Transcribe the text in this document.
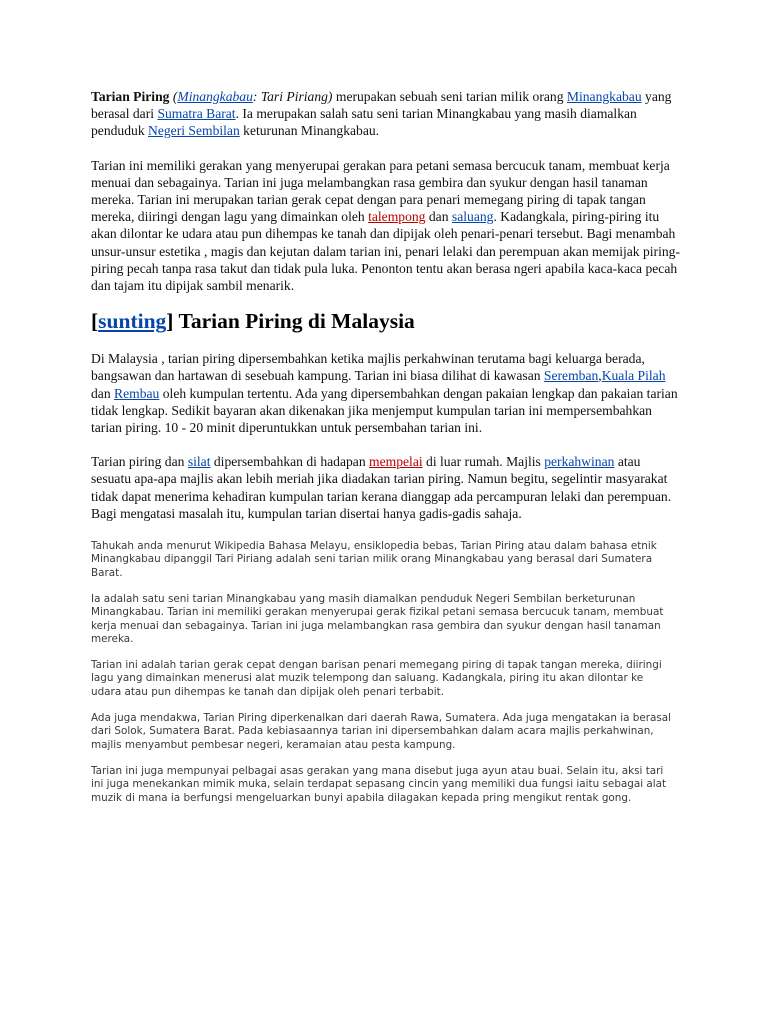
Tarian Piring (Minangkabau: Tari Piriang) merupakan sebuah seni tarian milik orang Minangkabau yang berasal dari Sumatra Barat. Ia merupakan salah satu seni tarian Minangkabau yang masih diamalkan penduduk Negeri Sembilan keturunan Minangkabau.

Tarian ini memiliki gerakan yang menyerupai gerakan para petani semasa bercucuk tanam, membuat kerja menuai dan sebagainya. Tarian ini juga melambangkan rasa gembira dan syukur dengan hasil tanaman mereka. Tarian ini merupakan tarian gerak cepat dengan para penari memegang piring di tapak tangan mereka, diiringi dengan lagu yang dimainkan oleh talempong dan saluang. Kadangkala, piring-piring itu akan dilontar ke udara atau pun dihempas ke tanah dan dipijak oleh penari-penari tersebut. Bagi menambah unsur-unsur estetika , magis dan kejutan dalam tarian ini, penari lelaki dan perempuan akan memijak piring-piring pecah tanpa rasa takut dan tidak pula luka. Penonton tentu akan berasa ngeri apabila kaca-kaca pecah dan tajam itu dipijak sambil menarik.

[sunting] Tarian Piring di Malaysia

Di Malaysia , tarian piring dipersembahkan ketika majlis perkahwinan terutama bagi keluarga berada, bangsawan dan hartawan di sesebuah kampung. Tarian ini biasa dilihat di kawasan Seremban,Kuala Pilah dan Rembau oleh kumpulan tertentu. Ada yang dipersembahkan dengan pakaian lengkap dan pakaian tarian tidak lengkap. Sedikit bayaran akan dikenakan jika menjemput kumpulan tarian ini mempersembahkan tarian piring. 10 - 20 minit diperuntukkan untuk persembahan tarian ini.

Tarian piring dan silat dipersembahkan di hadapan mempelai di luar rumah. Majlis perkahwinan atau sesuatu apa-apa majlis akan lebih meriah jika diadakan tarian piring. Namun begitu, segelintir masyarakat tidak dapat menerima kehadiran kumpulan tarian kerana dianggap ada percampuran lelaki dan perempuan. Bagi mengatasi masalah itu, kumpulan tarian disertai hanya gadis-gadis sahaja.

Tahukah anda menurut Wikipedia Bahasa Melayu, ensiklopedia bebas, Tarian Piring atau dalam bahasa etnik Minangkabau dipanggil Tari Piriang adalah seni tarian milik orang Minangkabau yang berasal dari Sumatera Barat.

Ia adalah satu seni tarian Minangkabau yang masih diamalkan penduduk Negeri Sembilan berketurunan Minangkabau. Tarian ini memiliki gerakan menyerupai gerak fizikal petani semasa bercucuk tanam, membuat kerja menuai dan sebagainya. Tarian ini juga melambangkan rasa gembira dan syukur dengan hasil tanaman mereka.

Tarian ini adalah tarian gerak cepat dengan barisan penari memegang piring di tapak tangan mereka, diiringi lagu yang dimainkan menerusi alat muzik telempong dan saluang. Kadangkala, piring itu akan dilontar ke udara atau pun dihempas ke tanah dan dipijak oleh penari terbabit.

Ada juga mendakwa, Tarian Piring diperkenalkan dari daerah Rawa, Sumatera. Ada juga mengatakan ia berasal dari Solok, Sumatera Barat. Pada kebiasaannya tarian ini dipersembahkan dalam acara majlis perkahwinan, majlis menyambut pembesar negeri, keramaian atau pesta kampung.

Tarian ini juga mempunyai pelbagai asas gerakan yang mana disebut juga ayun atau buai. Selain itu, aksi tari ini juga menekankan mimik muka, selain terdapat sepasang cincin yang memiliki dua fungsi iaitu sebagai alat muzik di mana ia berfungsi mengeluarkan bunyi apabila dilagakan kepada pring mengikut rentak gong.
